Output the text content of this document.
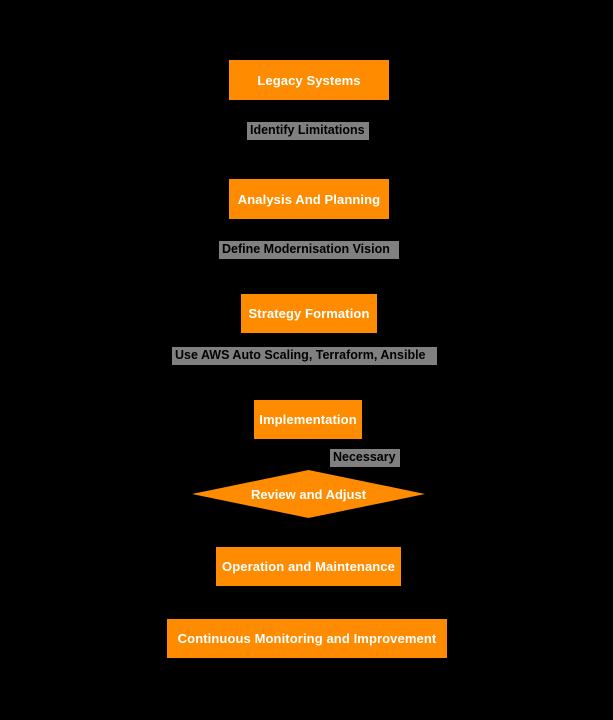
Legacy Systems
Analysis And Planning
Strategy Formation
Implementation
Review and Adjust
Operation and Maintenance
Continuous Monitoring and Improvement
Identify Limitations
Define Modernisation Vision
Use AWS Auto Scaling, Terraform, Ansible
Necessary
